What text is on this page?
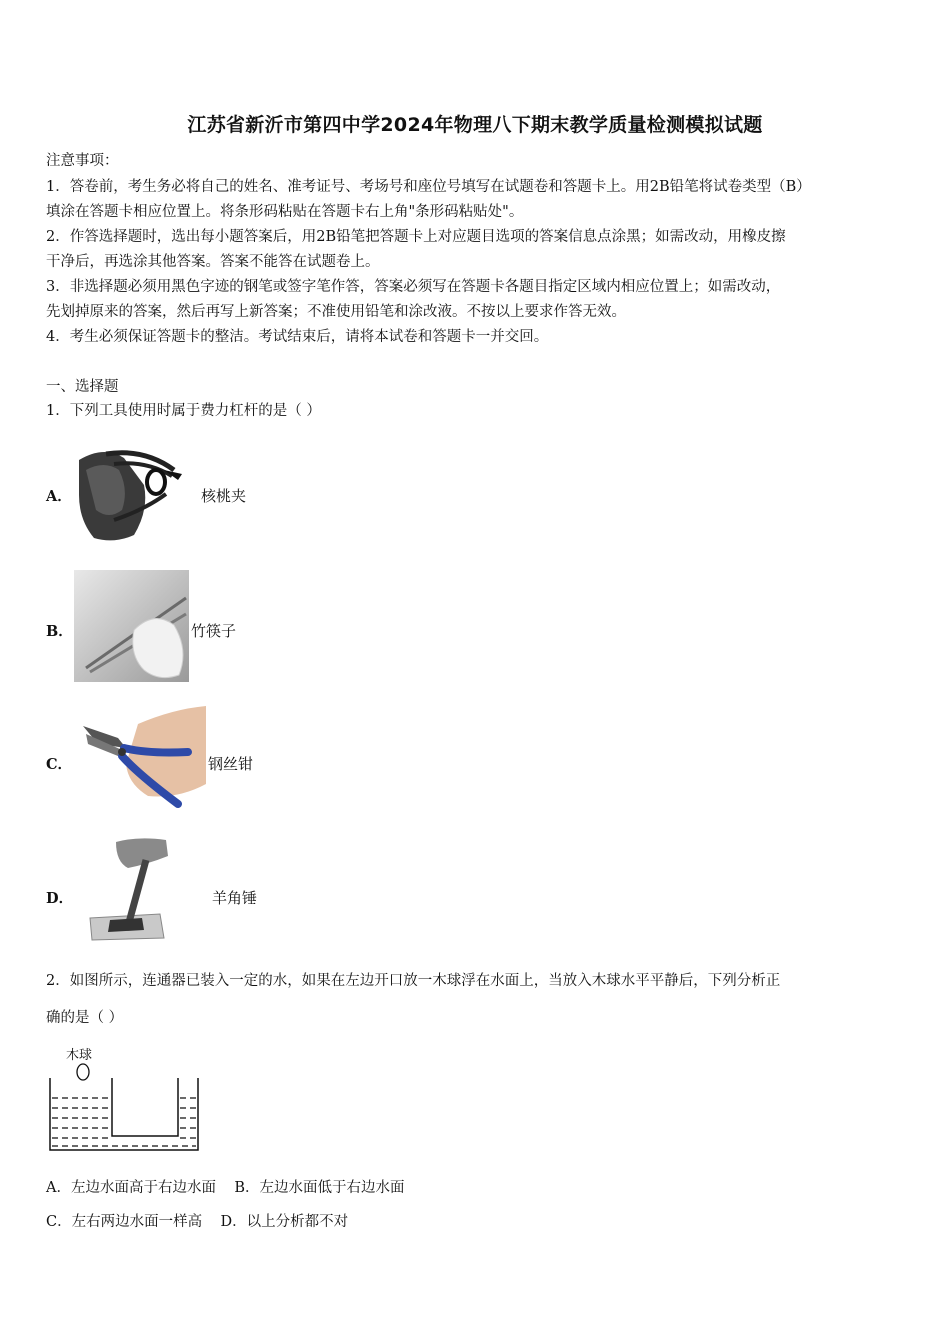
江苏省新沂市第四中学2024年物理八下期末教学质量检测模拟试题
注意事项：
1．答卷前，考生务必将自己的姓名、准考证号、考场号和座位号填写在试题卷和答题卡上。用2B铅笔将试卷类型（B）
填涂在答题卡相应位置上。将条形码粘贴在答题卡右上角"条形码粘贴处"。
2．作答选择题时，选出每小题答案后，用2B铅笔把答题卡上对应题目选项的答案信息点涂黑；如需改动，用橡皮擦
干净后，再选涂其他答案。答案不能答在试题卷上。
3．非选择题必须用黑色字迹的钢笔或签字笔作答，答案必须写在答题卡各题目指定区域内相应位置上；如需改动，
先划掉原来的答案，然后再写上新答案；不准使用铅笔和涂改液。不按以上要求作答无效。
4．考生必须保证答题卡的整洁。考试结束后，请将本试卷和答题卡一并交回。
一、选择题
1．下列工具使用时属于费力杠杆的是（ ）
A．	核桃夹
B．	竹筷子
C．	钢丝钳
D．	羊角锤
2．如图所示，连通器已装入一定的水，如果在左边开口放一木球浮在水面上，当放入木球水平平静后，下列分析正
确的是（ ）
木球
A．左边水面高于右边水面    B．左边水面低于右边水面
C．左右两边水面一样高    D．以上分析都不对
